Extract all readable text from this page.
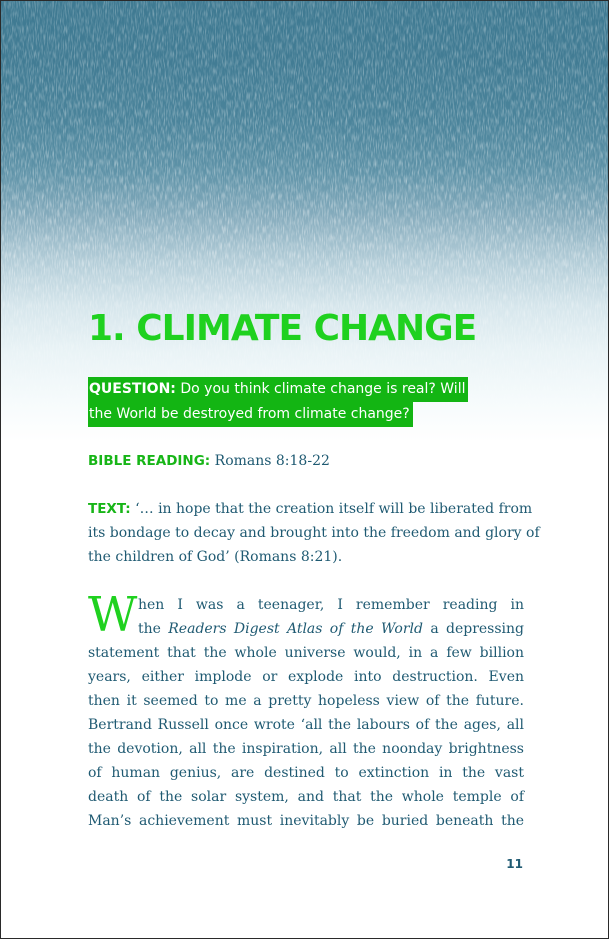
1. CLIMATE CHANGE
QUESTION: Do you think climate change is real? Will
the World be destroyed from climate change?
BIBLE READING: Romans 8:18-22

TEXT: ‘… in hope that the creation itself will be liberated from
its bondage to decay and brought into the freedom and glory of
the children of God’ (Romans 8:21).

W hen I was a teenager, I remember reading in
the Readers Digest Atlas of the World a depressing
statement that the whole universe would, in a few billion
years, either implode or explode into destruction. Even
then it seemed to me a pretty hopeless view of the future.
Bertrand Russell once wrote ‘all the labours of the ages, all
the devotion, all the inspiration, all the noonday brightness
of human genius, are destined to extinction in the vast
death of the solar system, and that the whole temple of
Man’s achievement must inevitably be buried beneath the
11
